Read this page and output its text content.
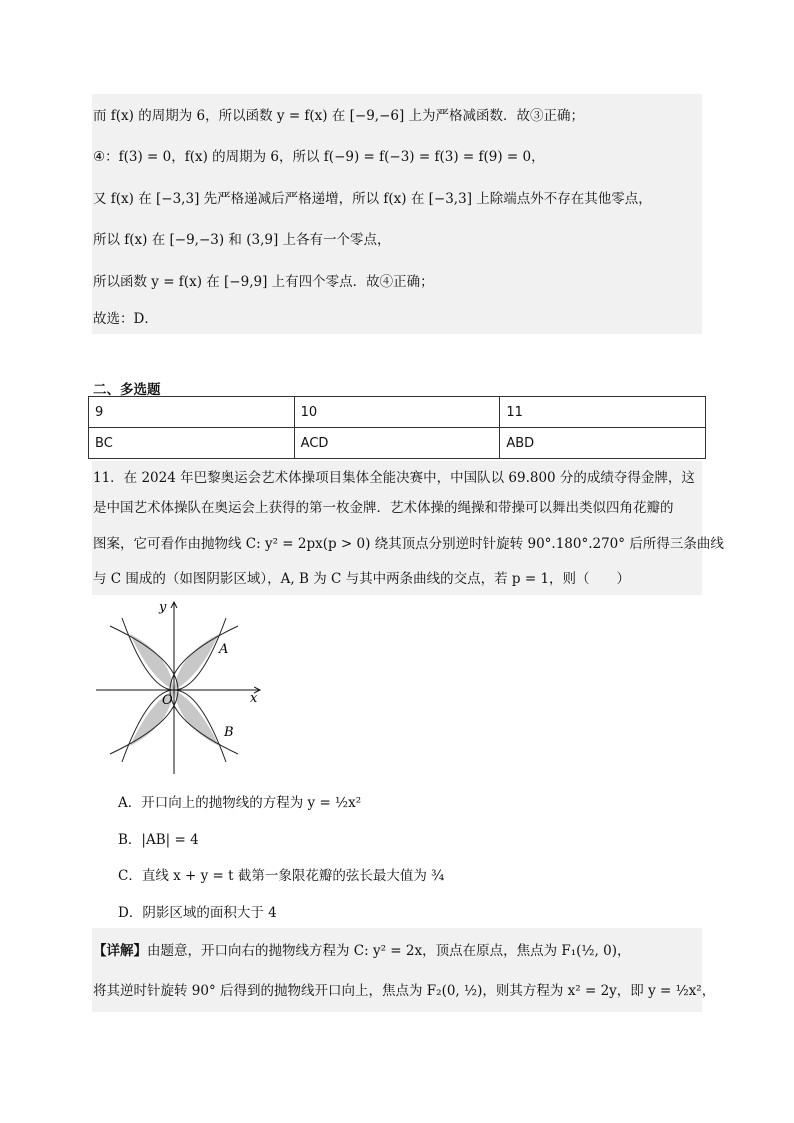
而 f(x) 的周期为 6，所以函数 y = f(x) 在 [−9,−6] 上为严格减函数．故③正确；
④：f(3) = 0，f(x) 的周期为 6，所以 f(−9) = f(−3) = f(3) = f(9) = 0，
又 f(x) 在 [−3,3] 先严格递减后严格递增，所以 f(x) 在 [−3,3] 上除端点外不存在其他零点，
所以 f(x) 在 [−9,−3) 和 (3,9] 上各有一个零点，
所以函数 y = f(x) 在 [−9,9] 上有四个零点．故④正确；
故选：D．
二、多选题
9	10	11
BC	ACD	ABD
11．在 2024 年巴黎奥运会艺术体操项目集体全能决赛中，中国队以 69.800 分的成绩夺得金牌，这
是中国艺术体操队在奥运会上获得的第一枚金牌．艺术体操的绳操和带操可以舞出类似四角花瓣的
图案，它可看作由抛物线 C: y² = 2px(p > 0) 绕其顶点分别逆时针旋转 90°.180°.270° 后所得三条曲线
与 C 围成的（如图阴影区域），A, B 为 C 与其中两条曲线的交点，若 p = 1，则（　　）
y
x
O
A
B
A．开口向上的抛物线的方程为 y = ½x²
B．|AB| = 4
C．直线 x + y = t 截第一象限花瓣的弦长最大值为 ¾
D．阴影区域的面积大于 4
【详解】由题意，开口向右的抛物线方程为 C: y² = 2x，顶点在原点，焦点为 F₁(½, 0)，
将其逆时针旋转 90° 后得到的抛物线开口向上，焦点为 F₂(0, ½)，则其方程为 x² = 2y，即 y = ½x²，
